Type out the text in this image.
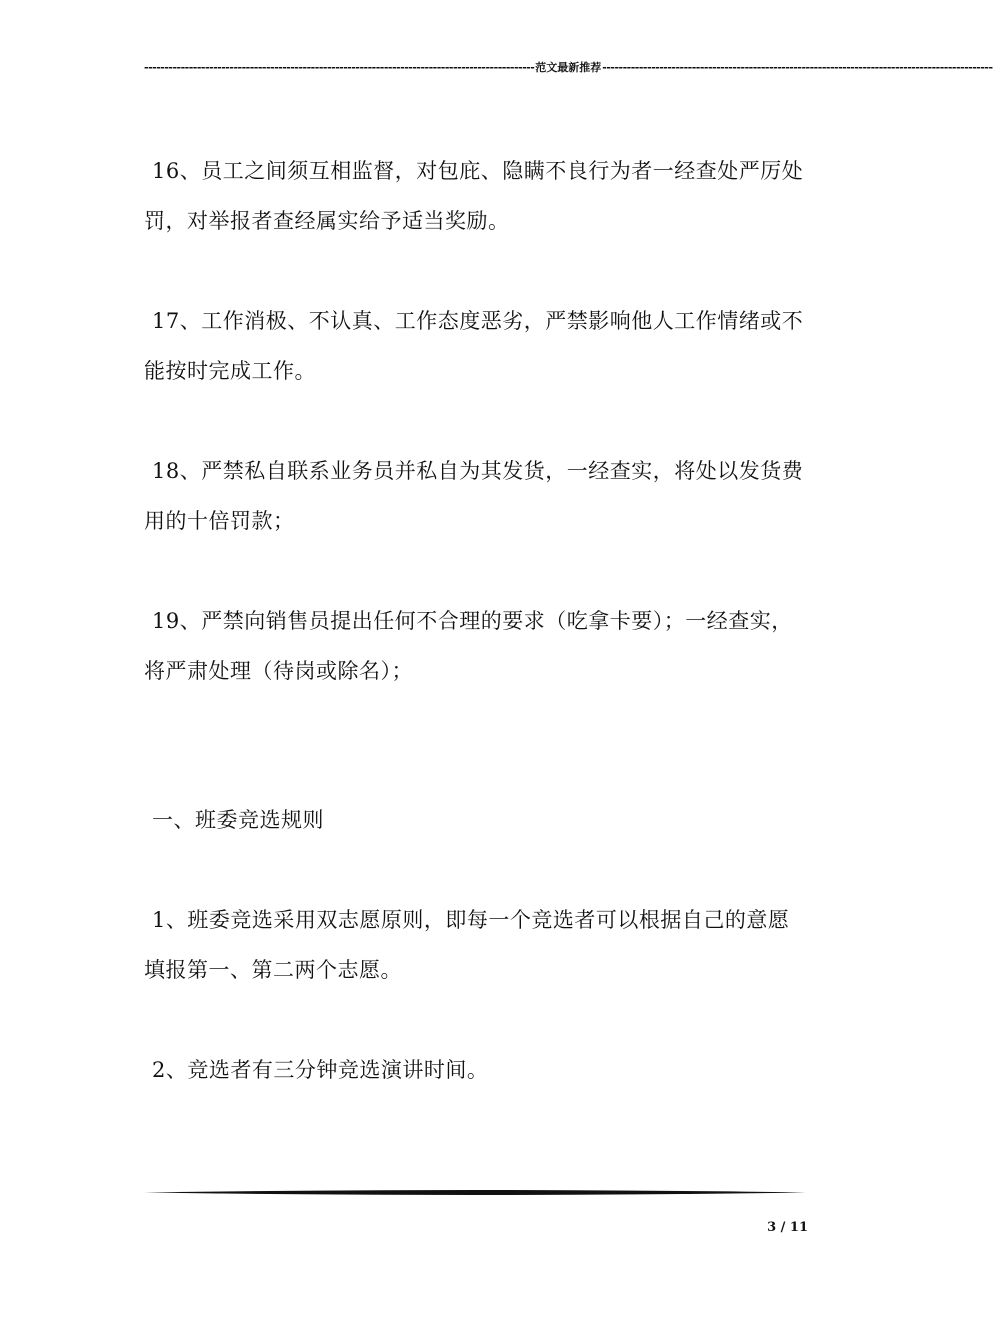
------------------------------------------------------------------------------------------------ 范文最新推荐 ------------------------------------------------------------------------------------------------

16、员工之间须互相监督，对包庇、隐瞒不良行为者一经查处严厉处罚，对举报者查经属实给予适当奖励。

17、工作消极、不认真、工作态度恶劣，严禁影响他人工作情绪或不能按时完成工作。

18、严禁私自联系业务员并私自为其发货，一经查实，将处以发货费用的十倍罚款；

19、严禁向销售员提出任何不合理的要求（吃拿卡要）；一经查实，将严肃处理（待岗或除名）；

一、班委竞选规则

1、班委竞选采用双志愿原则，即每一个竞选者可以根据自己的意愿填报第一、第二两个志愿。

2、竞选者有三分钟竞选演讲时间。

3 / 11
